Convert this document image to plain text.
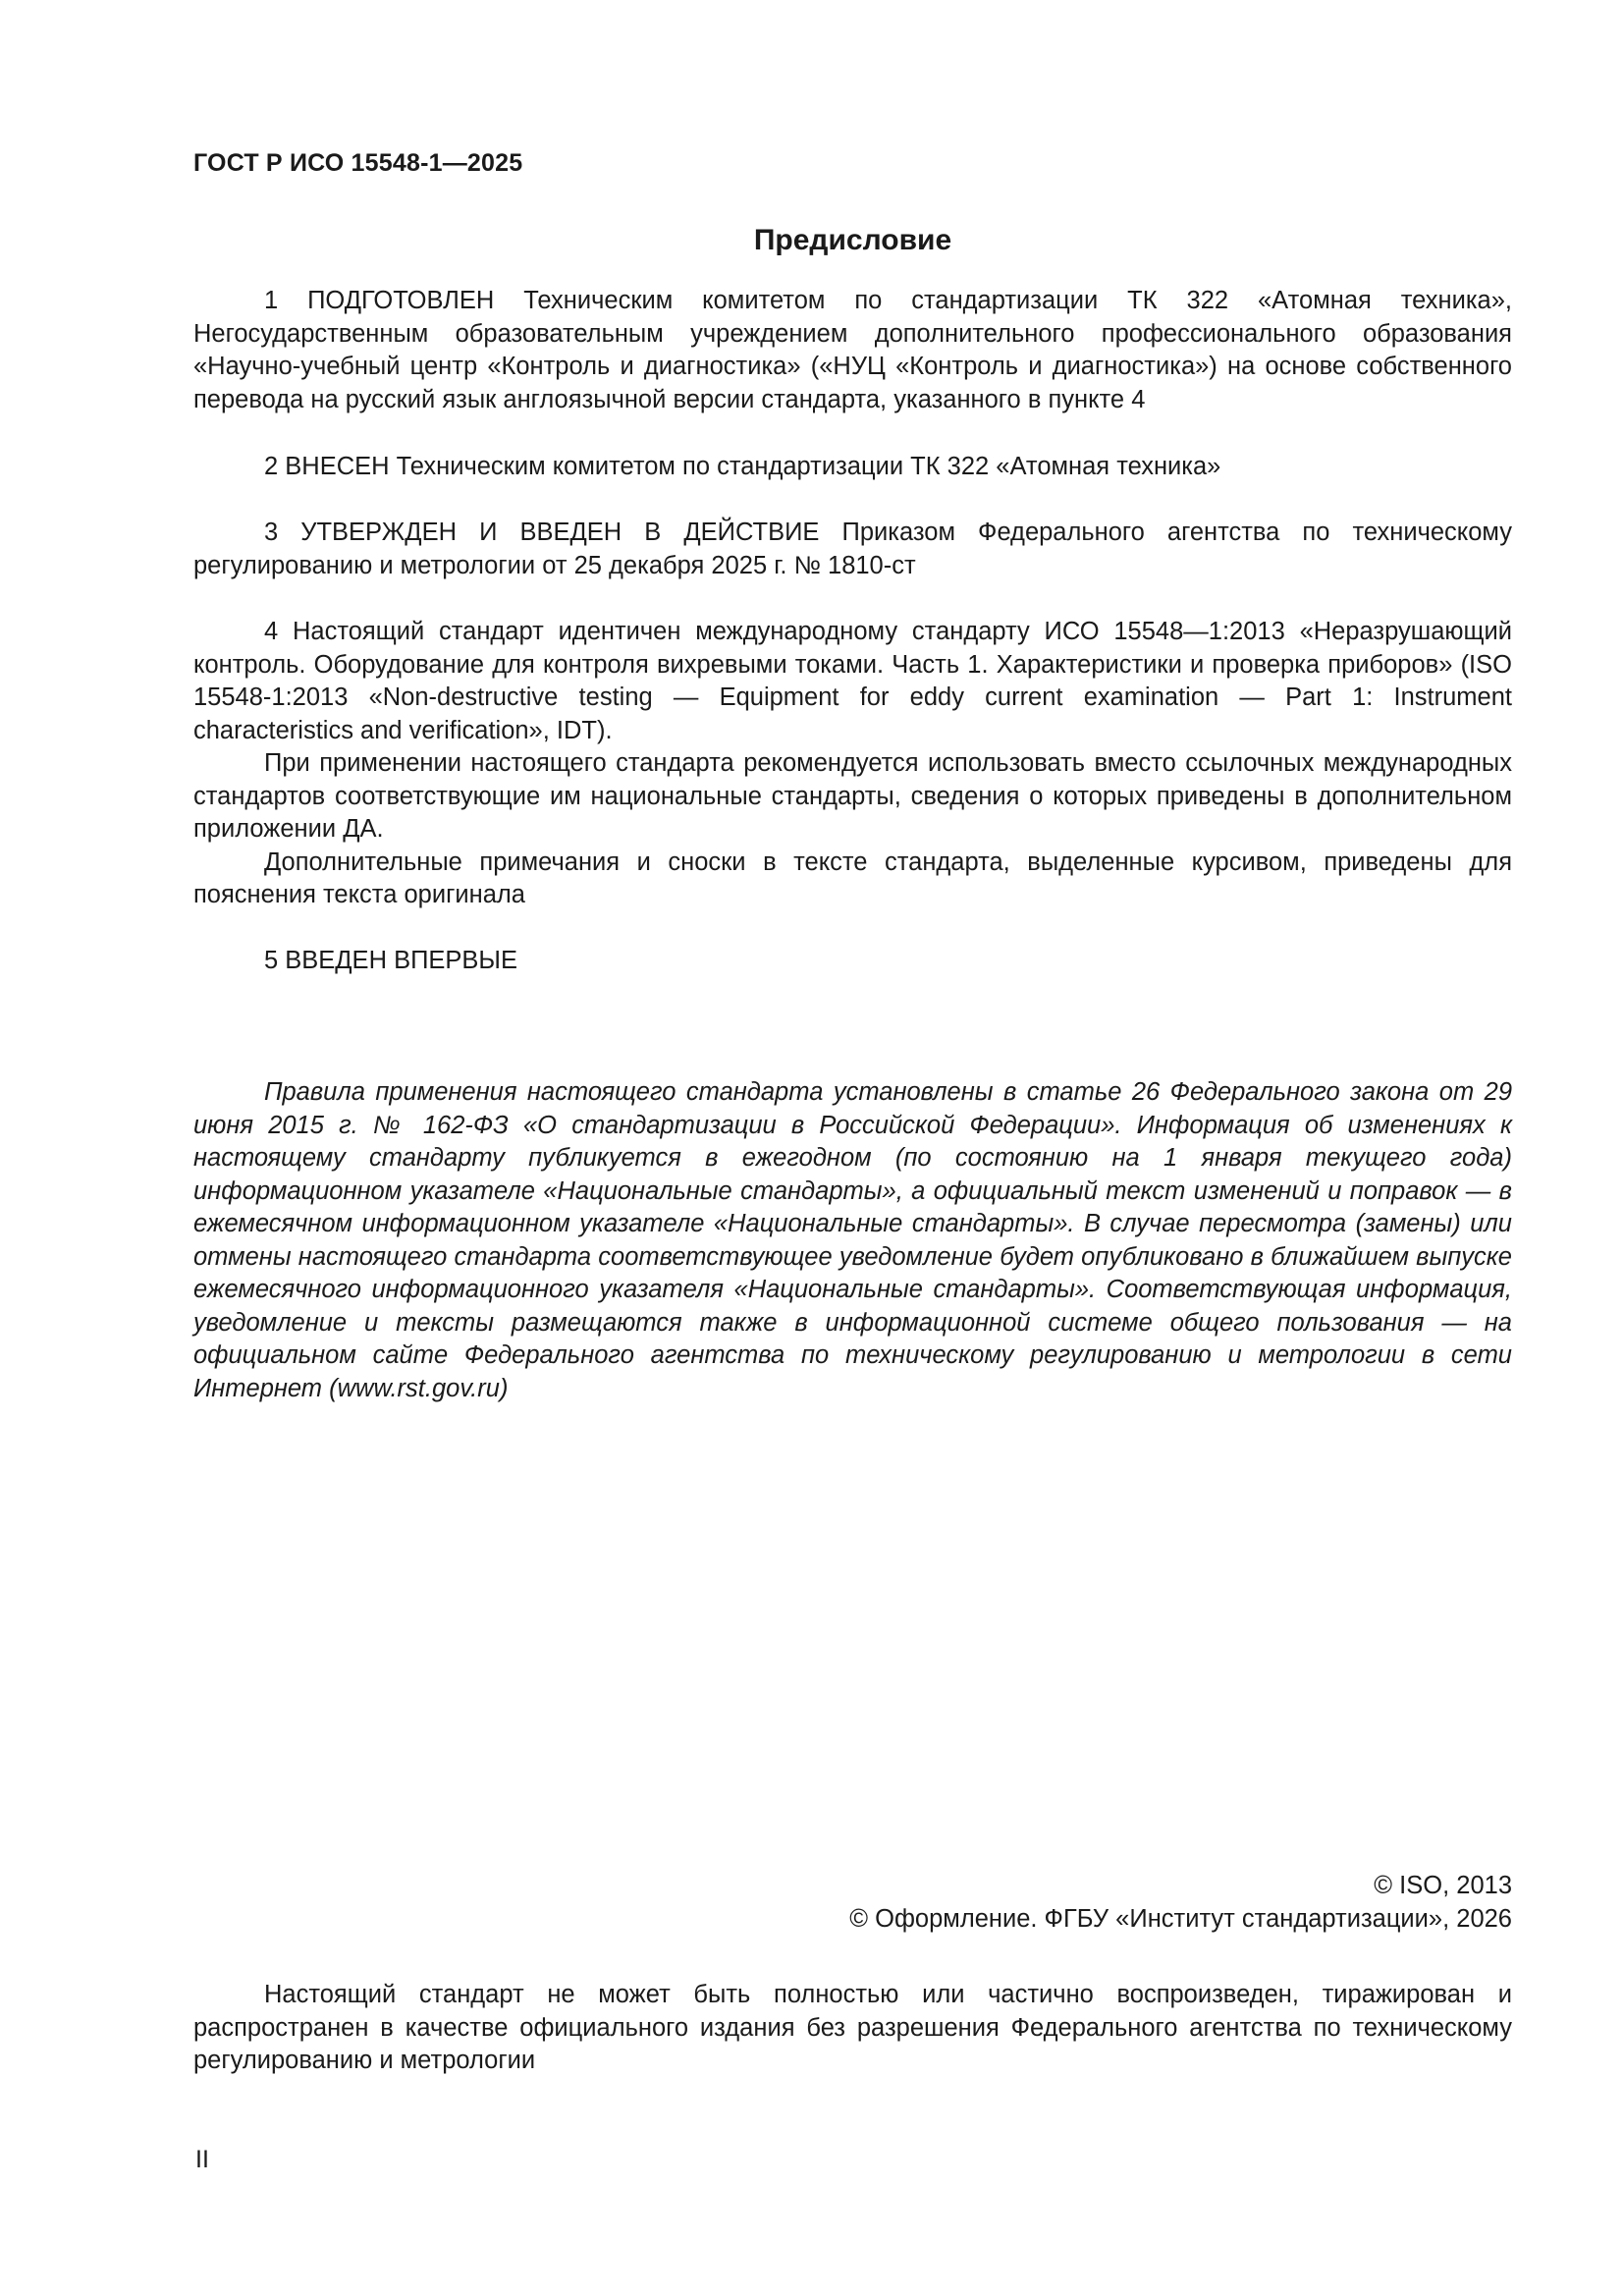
ГОСТ Р ИСО 15548-1—2025
Предисловие

1 ПОДГОТОВЛЕН Техническим комитетом по стандартизации ТК 322 «Атомная техника», Негосударственным образовательным учреждением дополнительного профессионального образования «Научно-учебный центр «Контроль и диагностика» («НУЦ «Контроль и диагностика») на основе собственного перевода на русский язык англоязычной версии стандарта, указанного в пункте 4

2 ВНЕСЕН Техническим комитетом по стандартизации ТК 322 «Атомная техника»

3 УТВЕРЖДЕН И ВВЕДЕН В ДЕЙСТВИЕ Приказом Федерального агентства по техническому регулированию и метрологии от 25 декабря 2025 г. № 1810-ст

4 Настоящий стандарт идентичен международному стандарту ИСО 15548—1:2013 «Неразрушающий контроль. Оборудование для контроля вихревыми токами. Часть 1. Характеристики и проверка приборов» (ISO 15548-1:2013 «Non-destructive testing — Equipment for eddy current examination — Part 1: Instrument characteristics and verification», IDT).

При применении настоящего стандарта рекомендуется использовать вместо ссылочных международных стандартов соответствующие им национальные стандарты, сведения о которых приведены в дополнительном приложении ДА.

Дополнительные примечания и сноски в тексте стандарта, выделенные курсивом, приведены для пояснения текста оригинала

5 ВВЕДЕН ВПЕРВЫЕ

Правила применения настоящего стандарта установлены в статье 26 Федерального закона от 29 июня 2015 г. № 162-ФЗ «О стандартизации в Российской Федерации». Информация об изменениях к настоящему стандарту публикуется в ежегодном (по состоянию на 1 января текущего года) информационном указателе «Национальные стандарты», а официальный текст изменений и поправок — в ежемесячном информационном указателе «Национальные стандарты». В случае пересмотра (замены) или отмены настоящего стандарта соответствующее уведомление будет опубликовано в ближайшем выпуске ежемесячного информационного указателя «Национальные стандарты». Соответствующая информация, уведомление и тексты размещаются также в информационной системе общего пользования — на официальном сайте Федерального агентства по техническому регулированию и метрологии в сети Интернет (www.rst.gov.ru)

© ISO, 2013
© Оформление. ФГБУ «Институт стандартизации», 2026

Настоящий стандарт не может быть полностью или частично воспроизведен, тиражирован и распространен в качестве официального издания без разрешения Федерального агентства по техническому регулированию и метрологии

II
